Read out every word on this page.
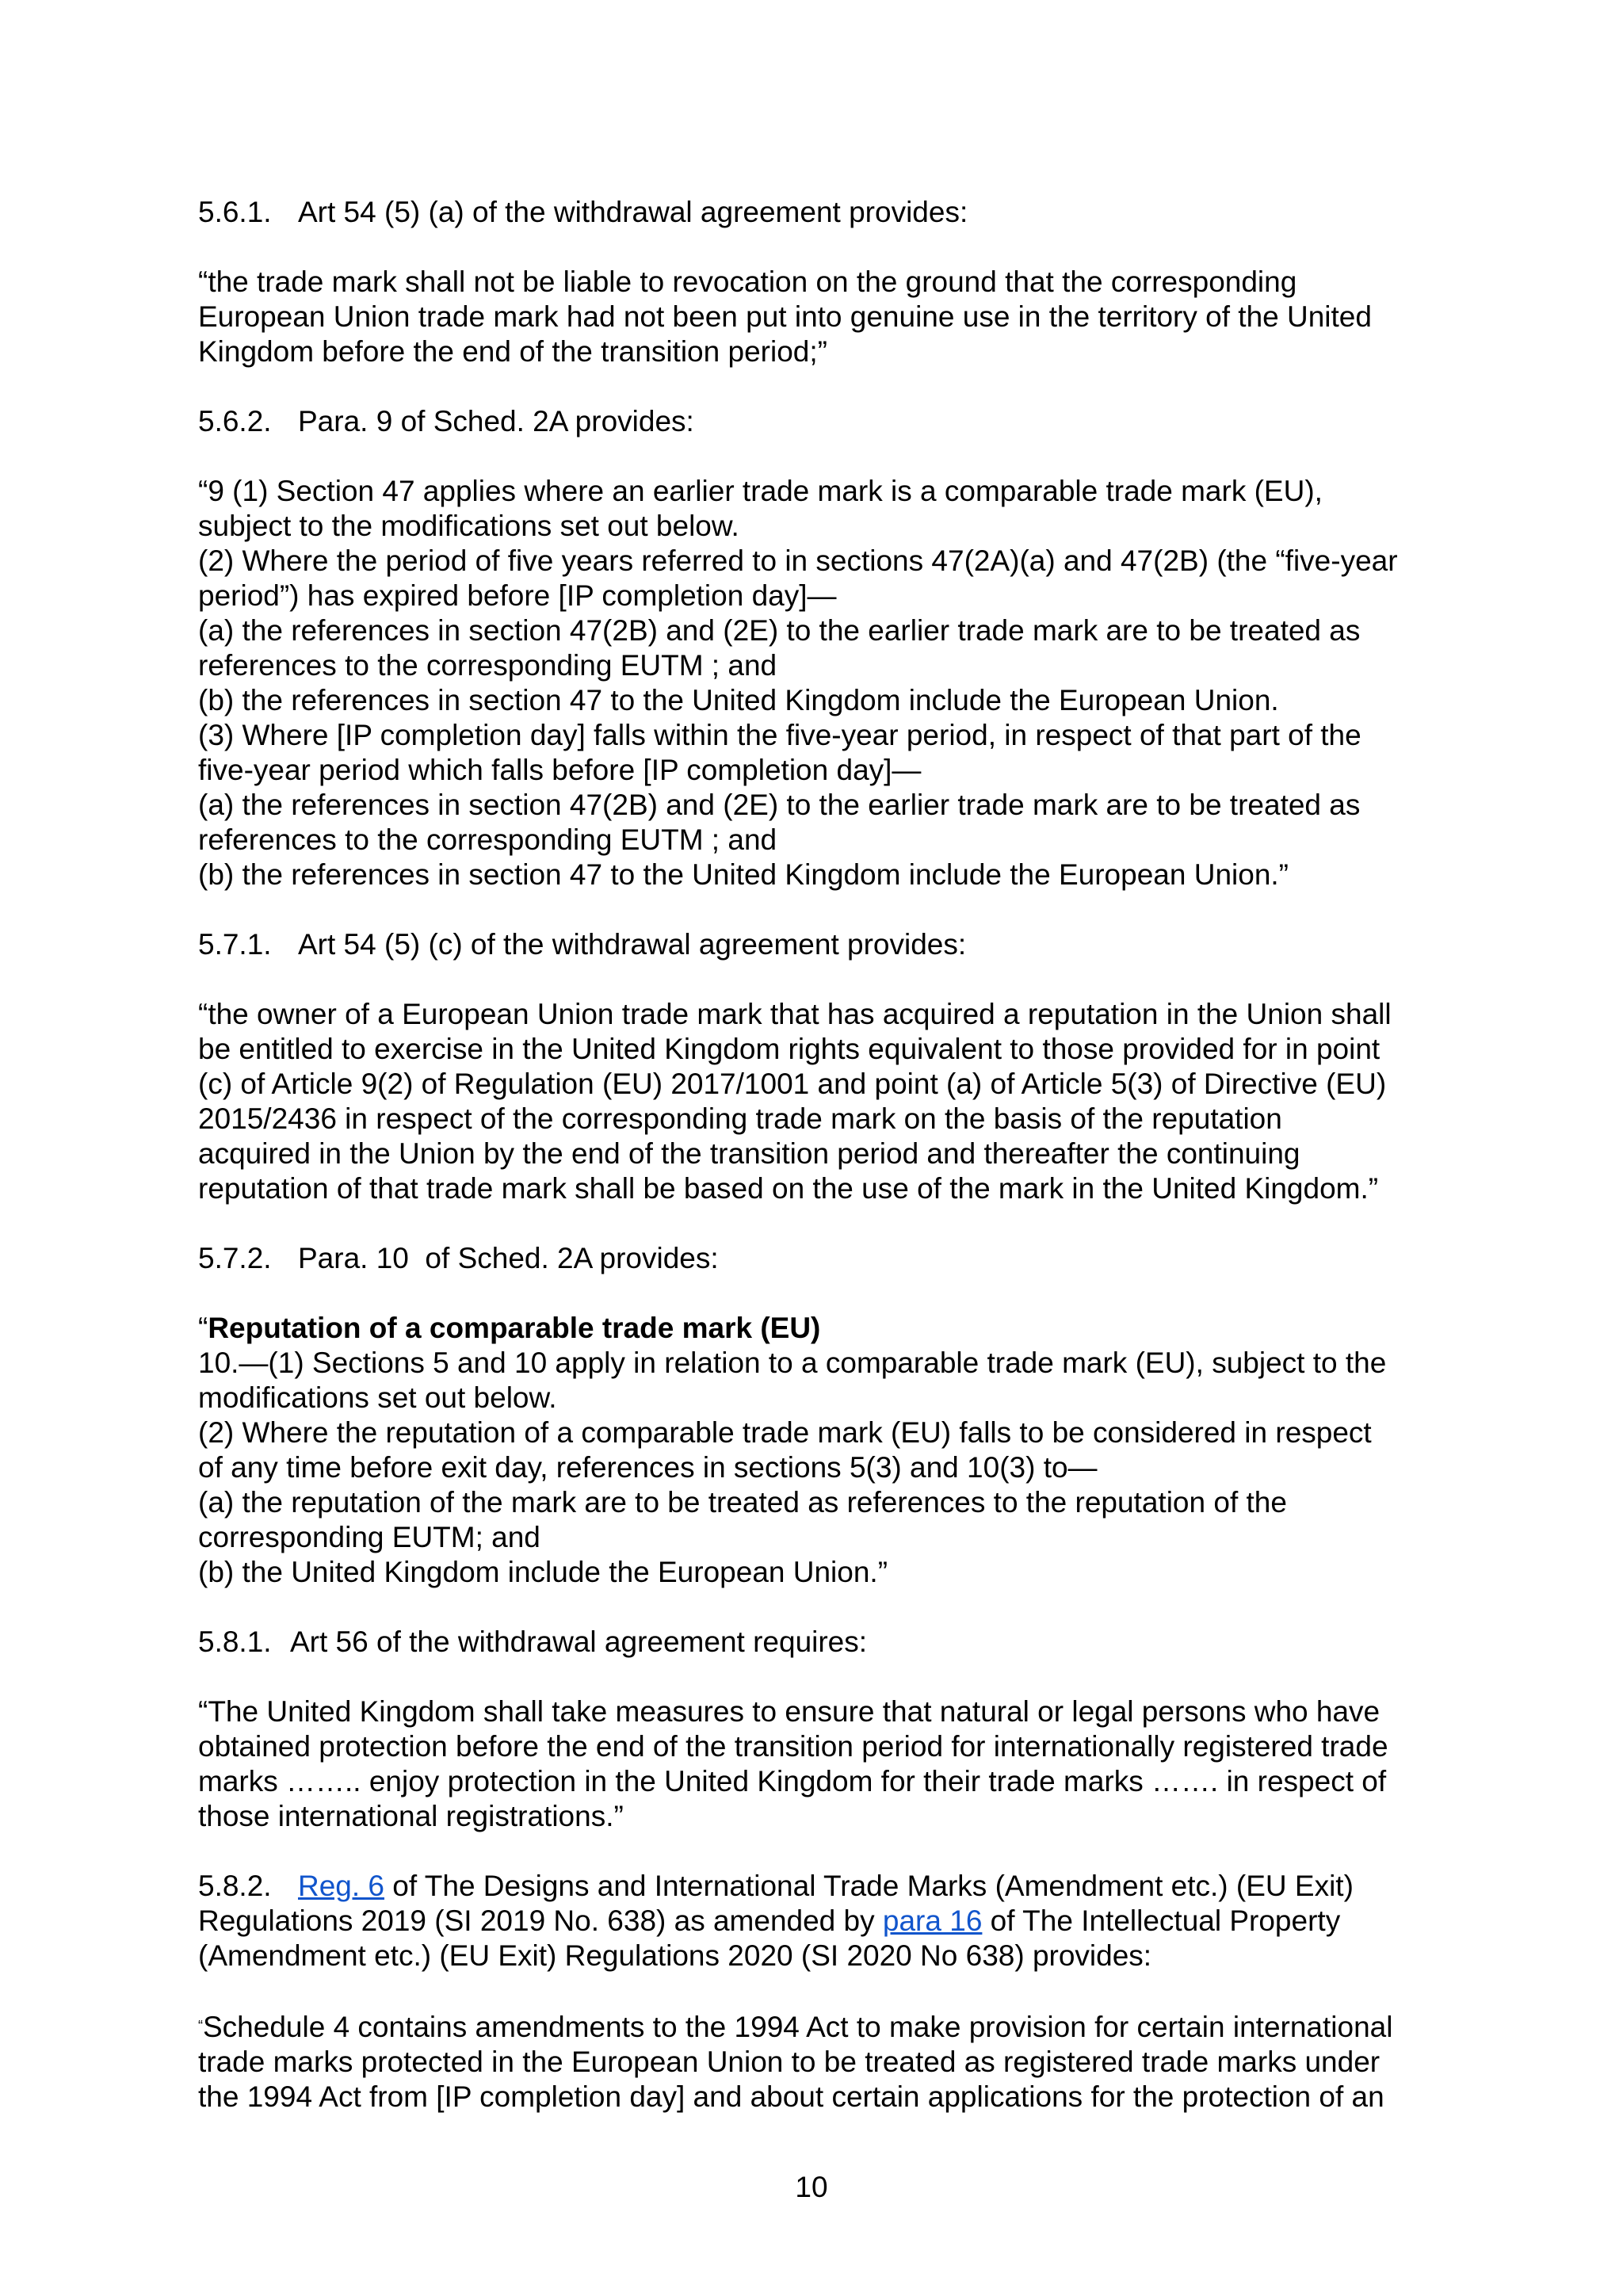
5.6.1. Art 54 (5) (a) of the withdrawal agreement provides:

“the trade mark shall not be liable to revocation on the ground that the corresponding
European Union trade mark had not been put into genuine use in the territory of the United
Kingdom before the end of the transition period;”

5.6.2. Para. 9 of Sched. 2A provides:

“9 (1) Section 47 applies where an earlier trade mark is a comparable trade mark (EU),
subject to the modifications set out below.
(2) Where the period of five years referred to in sections 47(2A)(a) and 47(2B) (the “five-year
period”) has expired before [IP completion day]—
(a) the references in section 47(2B) and (2E) to the earlier trade mark are to be treated as
references to the corresponding EUTM ; and
(b) the references in section 47 to the United Kingdom include the European Union.
(3) Where [IP completion day] falls within the five-year period, in respect of that part of the
five-year period which falls before [IP completion day]—
(a) the references in section 47(2B) and (2E) to the earlier trade mark are to be treated as
references to the corresponding EUTM ; and
(b) the references in section 47 to the United Kingdom include the European Union.”

5.7.1. Art 54 (5) (c) of the withdrawal agreement provides:

“the owner of a European Union trade mark that has acquired a reputation in the Union shall
be entitled to exercise in the United Kingdom rights equivalent to those provided for in point
(c) of Article 9(2) of Regulation (EU) 2017/1001 and point (a) of Article 5(3) of Directive (EU)
2015/2436 in respect of the corresponding trade mark on the basis of the reputation
acquired in the Union by the end of the transition period and thereafter the continuing
reputation of that trade mark shall be based on the use of the mark in the United Kingdom.”

5.7.2. Para. 10  of Sched. 2A provides:

“Reputation of a comparable trade mark (EU)
10.—(1) Sections 5 and 10 apply in relation to a comparable trade mark (EU), subject to the
modifications set out below.
(2) Where the reputation of a comparable trade mark (EU) falls to be considered in respect
of any time before exit day, references in sections 5(3) and 10(3) to—
(a) the reputation of the mark are to be treated as references to the reputation of the
corresponding EUTM; and
(b) the United Kingdom include the European Union.”

5.8.1. Art 56 of the withdrawal agreement requires:

“The United Kingdom shall take measures to ensure that natural or legal persons who have
obtained protection before the end of the transition period for internationally registered trade
marks …….. enjoy protection in the United Kingdom for their trade marks ……. in respect of
those international registrations.”

5.8.2. Reg. 6 of The Designs and International Trade Marks (Amendment etc.) (EU Exit)
Regulations 2019 (SI 2019 No. 638) as amended by para 16 of The Intellectual Property
(Amendment etc.) (EU Exit) Regulations 2020 (SI 2020 No 638) provides:

“Schedule 4 contains amendments to the 1994 Act to make provision for certain international
trade marks protected in the European Union to be treated as registered trade marks under
the 1994 Act from [IP completion day] and about certain applications for the protection of an

10
